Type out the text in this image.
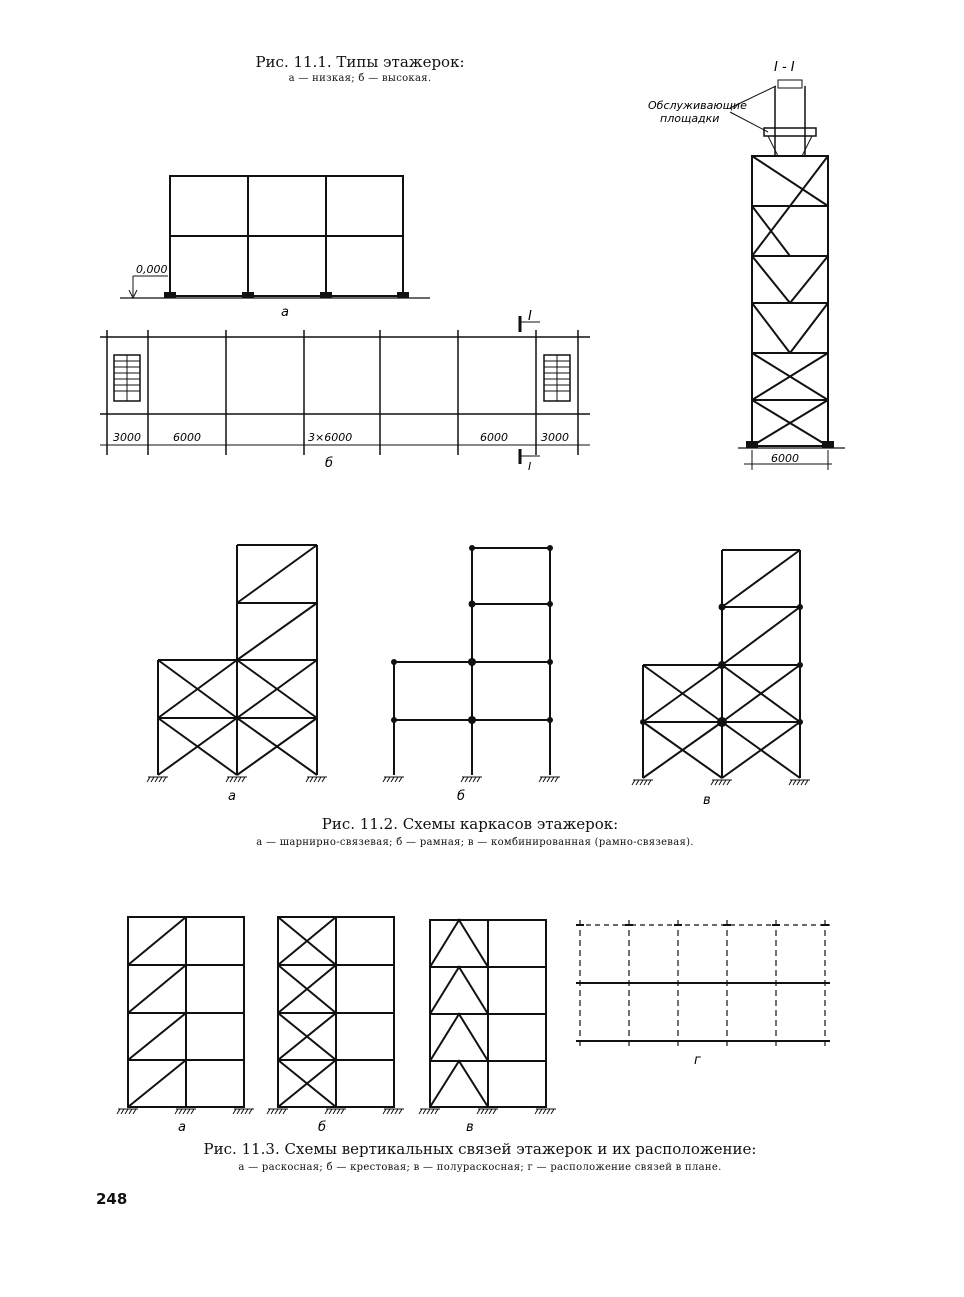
Рис. 11.1. Типы этажерок:
а — низкая; б — высокая.
Рис. 11.2. Схемы каркасов этажерок:
а — шарнирно-связевая; б — рамная; в — комбинированная (рамно-связевая).
Рис. 11.3. Схемы вертикальных связей этажерок и их расположение:
а — раскосная; б — крестовая; в — полураскосная; г — расположение связей в плане.
248
а
б
0,000
I
I
3000	6000	3×6000	6000	3000
I - I
Обслуживающие
площадки
6000
а	б	в
а	б	в
г
